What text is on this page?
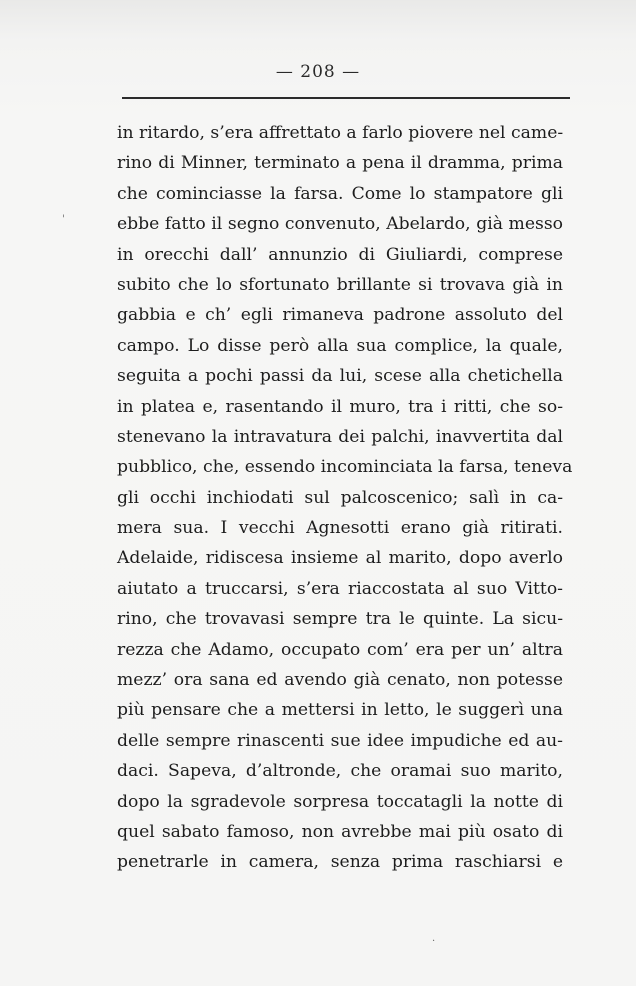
— 208 —
in ritardo, s’era affrettato a farlo piovere nel came-
rino di Minner, terminato a pena il dramma, prima
che cominciasse la farsa. Come lo stampatore gli
ebbe fatto il segno convenuto, Abelardo, già messo
in orecchi dall’ annunzio di Giuliardi, comprese
subito che lo sfortunato brillante si trovava già in
gabbia e ch’ egli rimaneva padrone assoluto del
campo. Lo disse però alla sua complice, la quale,
seguita a pochi passi da lui, scese alla chetichella
in platea e, rasentando il muro, tra i ritti, che so-
stenevano la intravatura dei palchi, inavvertita dal
pubblico, che, essendo incominciata la farsa, teneva
gli occhi inchiodati sul palcoscenico; salì in ca-
mera sua. I vecchi Agnesotti erano già ritirati.
Adelaide, ridiscesa insieme al marito, dopo averlo
aiutato a truccarsi, s’era riaccostata al suo Vitto-
rino, che trovavasi sempre tra le quinte. La sicu-
rezza che Adamo, occupato com’ era per un’ altra
mezz’ ora sana ed avendo già cenato, non potesse
più pensare che a mettersi in letto, le suggerì una
delle sempre rinascenti sue idee impudiche ed au-
daci. Sapeva, d’altronde, che oramai suo marito,
dopo la sgradevole sorpresa toccatagli la notte di
quel sabato famoso, non avrebbe mai più osato di
penetrarle in camera, senza prima raschiarsi e
'
·
